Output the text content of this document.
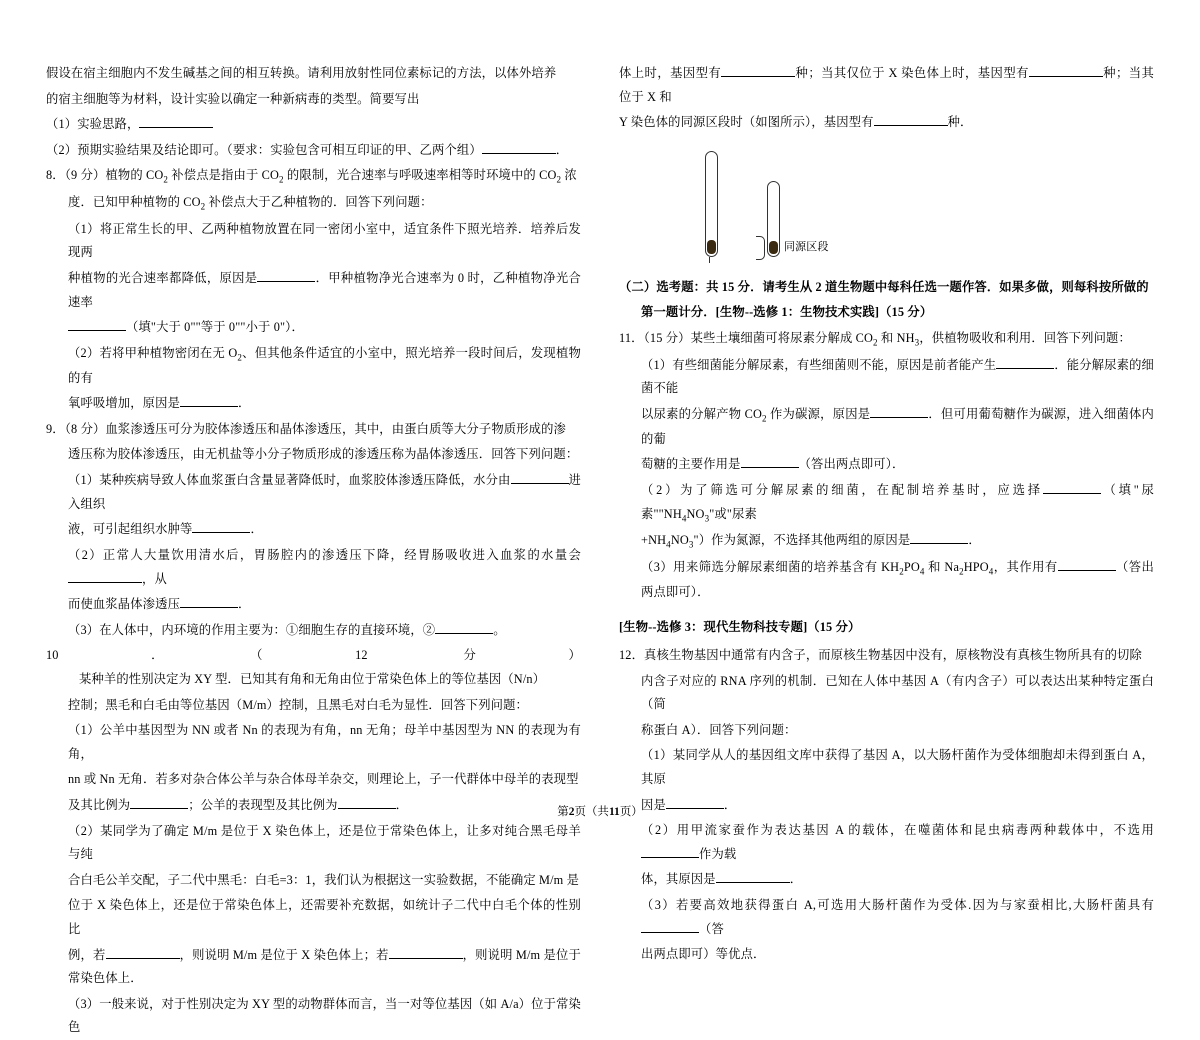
假设在宿主细胞内不发生碱基之间的相互转换。请利用放射性同位素标记的方法，以体外培养

的宿主细胞等为材料，设计实验以确定一种新病毒的类型。简要写出

（1）实验思路，

（2）预期实验结果及结论即可。（要求：实验包含可相互印证的甲、乙两个组）	．

8．（9 分）植物的 $CO_2$ 补偿点是指由于 $CO_2$ 的限制，光合速率与呼吸速率相等时环境中的 $CO_2$ 浓

度．已知甲种植物的 $CO_2$ 补偿点大于乙种植物的．回答下列问题：

（1）将正常生长的甲、乙两种植物放置在同一密闭小室中，适宜条件下照光培养．培养后发现两

种植物的光合速率都降低，原因是	．甲种植物净光合速率为 0 时，乙种植物净光合速率

（填"大于 0""等于 0""小于 0"）．

（2）若将甲种植物密闭在无 $O_2$、但其他条件适宜的小室中，照光培养一段时间后，发现植物的有

氧呼吸增加，原因是	．

9．（8 分）血浆渗透压可分为胶体渗透压和晶体渗透压，其中，由蛋白质等大分子物质形成的渗

透压称为胶体渗透压，由无机盐等小分子物质形成的渗透压称为晶体渗透压．回答下列问题：

（1）某种疾病导致人体血浆蛋白含量显著降低时，血浆胶体渗透压降低，水分由	进入组织

液，可引起组织水肿等	．

（2）正常人大量饮用清水后，胃肠腔内的渗透压下降，经胃肠吸收进入血浆的水量会，从

而使血浆晶体渗透压	．

（3）在人体中，内环境的作用主要为：①细胞生存的直接环境，②	。

10．（12 分）某种羊的性别决定为 XY 型．已知其有角和无角由位于常染色体上的等位基因（N/n）

控制；黑毛和白毛由等位基因（M/m）控制，且黑毛对白毛为显性．回答下列问题：

（1）公羊中基因型为 NN 或者 Nn 的表现为有角，nn 无角；母羊中基因型为 NN 的表现为有角，

nn 或 Nn 无角．若多对杂合体公羊与杂合体母羊杂交，则理论上，子一代群体中母羊的表现型

及其比例为	；公羊的表现型及其比例为	．

（2）某同学为了确定 M/m 是位于 X 染色体上，还是位于常染色体上，让多对纯合黑毛母羊与纯

合白毛公羊交配，子二代中黑毛：白毛=3：1，我们认为根据这一实验数据，不能确定 M/m 是

位于 X 染色体上，还是位于常染色体上，还需要补充数据，如统计子二代中白毛个体的性别比

例，若	，则说明 M/m 是位于 X 染色体上；若	，则说明 M/m 是位于常染色体上．

（3）一般来说，对于性别决定为 XY 型的动物群体而言，当一对等位基因（如 A/a）位于常染色

体上时，基因型有	种；当其仅位于 X 染色体上时，基因型有	种；当其位于 X 和

Y 染色体的同源区段时（如图所示），基因型有	种．

同源区段

（二）选考题：共 15 分．请考生从 2 道生物题中每科任选一题作答．如果多做，则每科按所做的

第一题计分．[生物--选修 1：生物技术实践]（15 分）

11．（15 分）某些土壤细菌可将尿素分解成 $CO_2$ 和 $NH_3$，供植物吸收和利用．回答下列问题：

（1）有些细菌能分解尿素，有些细菌则不能，原因是前者能产生	．能分解尿素的细菌不能

以尿素的分解产物 $CO_2$ 作为碳源，原因是	．但可用葡萄糖作为碳源，进入细菌体内的葡

萄糖的主要作用是	（答出两点即可）．

（2）为了筛选可分解尿素的细菌，在配制培养基时，应选择	（填"尿素""$NH_4NO_3$"或"尿素

$+NH_4NO_3$"）作为氮源，不选择其他两组的原因是	．

（3）用来筛选分解尿素细菌的培养基含有 $KH_2PO_4$ 和 $Na_2HPO_4$，其作用有	（答出两点即可）．

[生物--选修 3：现代生物科技专题]（15 分）

12．真核生物基因中通常有内含子，而原核生物基因中没有，原核物没有真核生物所具有的切除

内含子对应的 RNA 序列的机制．已知在人体中基因 A（有内含子）可以表达出某种特定蛋白（简

称蛋白 A）．回答下列问题：

（1）某同学从人的基因组文库中获得了基因 A，以大肠杆菌作为受体细胞却未得到蛋白 A，其原

因是	．

（2）用甲流家蚕作为表达基因 A 的载体，在噬菌体和昆虫病毒两种载体中，不选用作为载

体，其原因是	．

（3）若要高效地获得蛋白 A,可选用大肠杆菌作为受体.因为与家蚕相比,大肠杆菌具有（答

出两点即可）等优点．

第2页（共11页）
